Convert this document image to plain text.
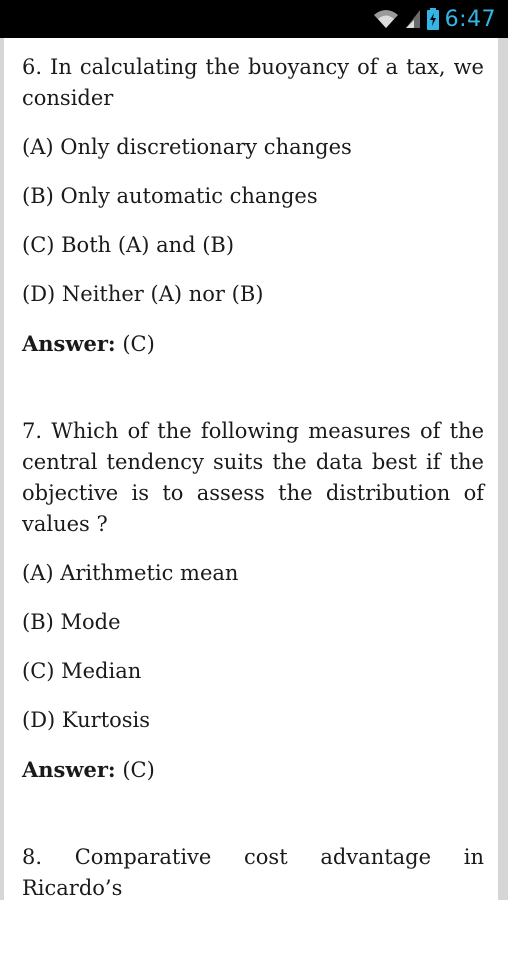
6:47

6. In calculating the buoyancy of a tax, we consider

(A) Only discretionary changes

(B) Only automatic changes

(C) Both (A) and (B)

(D) Neither (A) nor (B)

Answer: (C)

7. Which of the following measures of the central tendency suits the data best if the objective is to assess the distribution of values ?

(A) Arithmetic mean

(B) Mode

(C) Median

(D) Kurtosis

Answer: (C)

8. Comparative cost advantage in Ricardo’s
